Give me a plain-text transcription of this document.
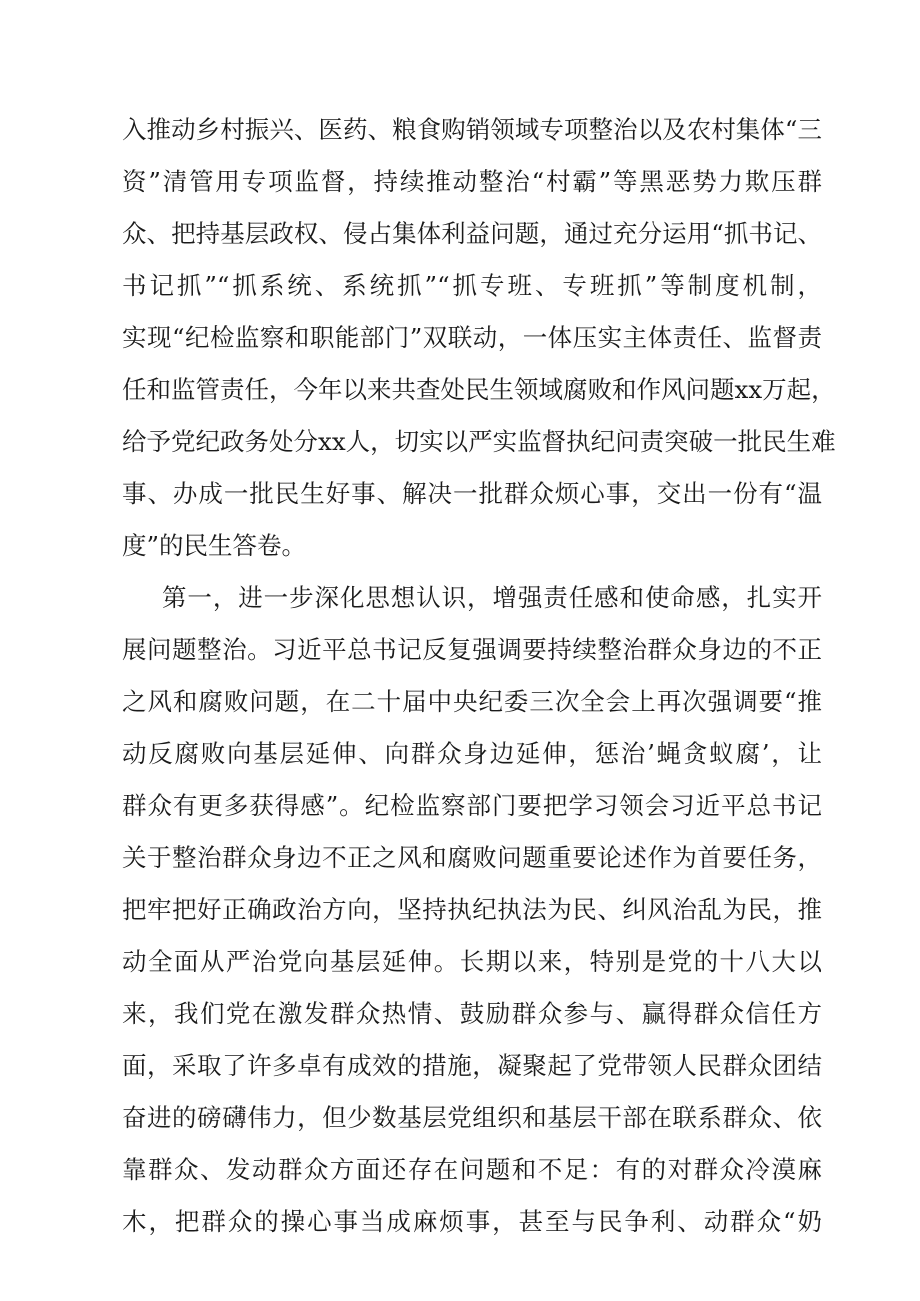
入推动乡村振兴、医药、粮食购销领域专项整治以及农村集体“三
资”清管用专项监督，持续推动整治“村霸”等黑恶势力欺压群
众、把持基层政权、侵占集体利益问题，通过充分运用“抓书记、
书记抓”“抓系统、系统抓”“抓专班、专班抓”等制度机制，
实现“纪检监察和职能部门”双联动，一体压实主体责任、监督责
任和监管责任，今年以来共查处民生领域腐败和作风问题xx万起，
给予党纪政务处分xx人，切实以严实监督执纪问责突破一批民生难
事、办成一批民生好事、解决一批群众烦心事，交出一份有“温
度”的民生答卷。
第一，进一步深化思想认识，增强责任感和使命感，扎实开
展问题整治。习近平总书记反复强调要持续整治群众身边的不正
之风和腐败问题，在二十届中央纪委三次全会上再次强调要“推
动反腐败向基层延伸、向群众身边延伸，惩治’蝇贪蚁腐’，让
群众有更多获得感”。纪检监察部门要把学习领会习近平总书记
关于整治群众身边不正之风和腐败问题重要论述作为首要任务，
把牢把好正确政治方向，坚持执纪执法为民、纠风治乱为民，推
动全面从严治党向基层延伸。长期以来，特别是党的十八大以
来，我们党在激发群众热情、鼓励群众参与、赢得群众信任方
面，采取了许多卓有成效的措施，凝聚起了党带领人民群众团结
奋进的磅礴伟力，但少数基层党组织和基层干部在联系群众、依
靠群众、发动群众方面还存在问题和不足：有的对群众冷漠麻
木，把群众的操心事当成麻烦事，甚至与民争利、动群众“奶
